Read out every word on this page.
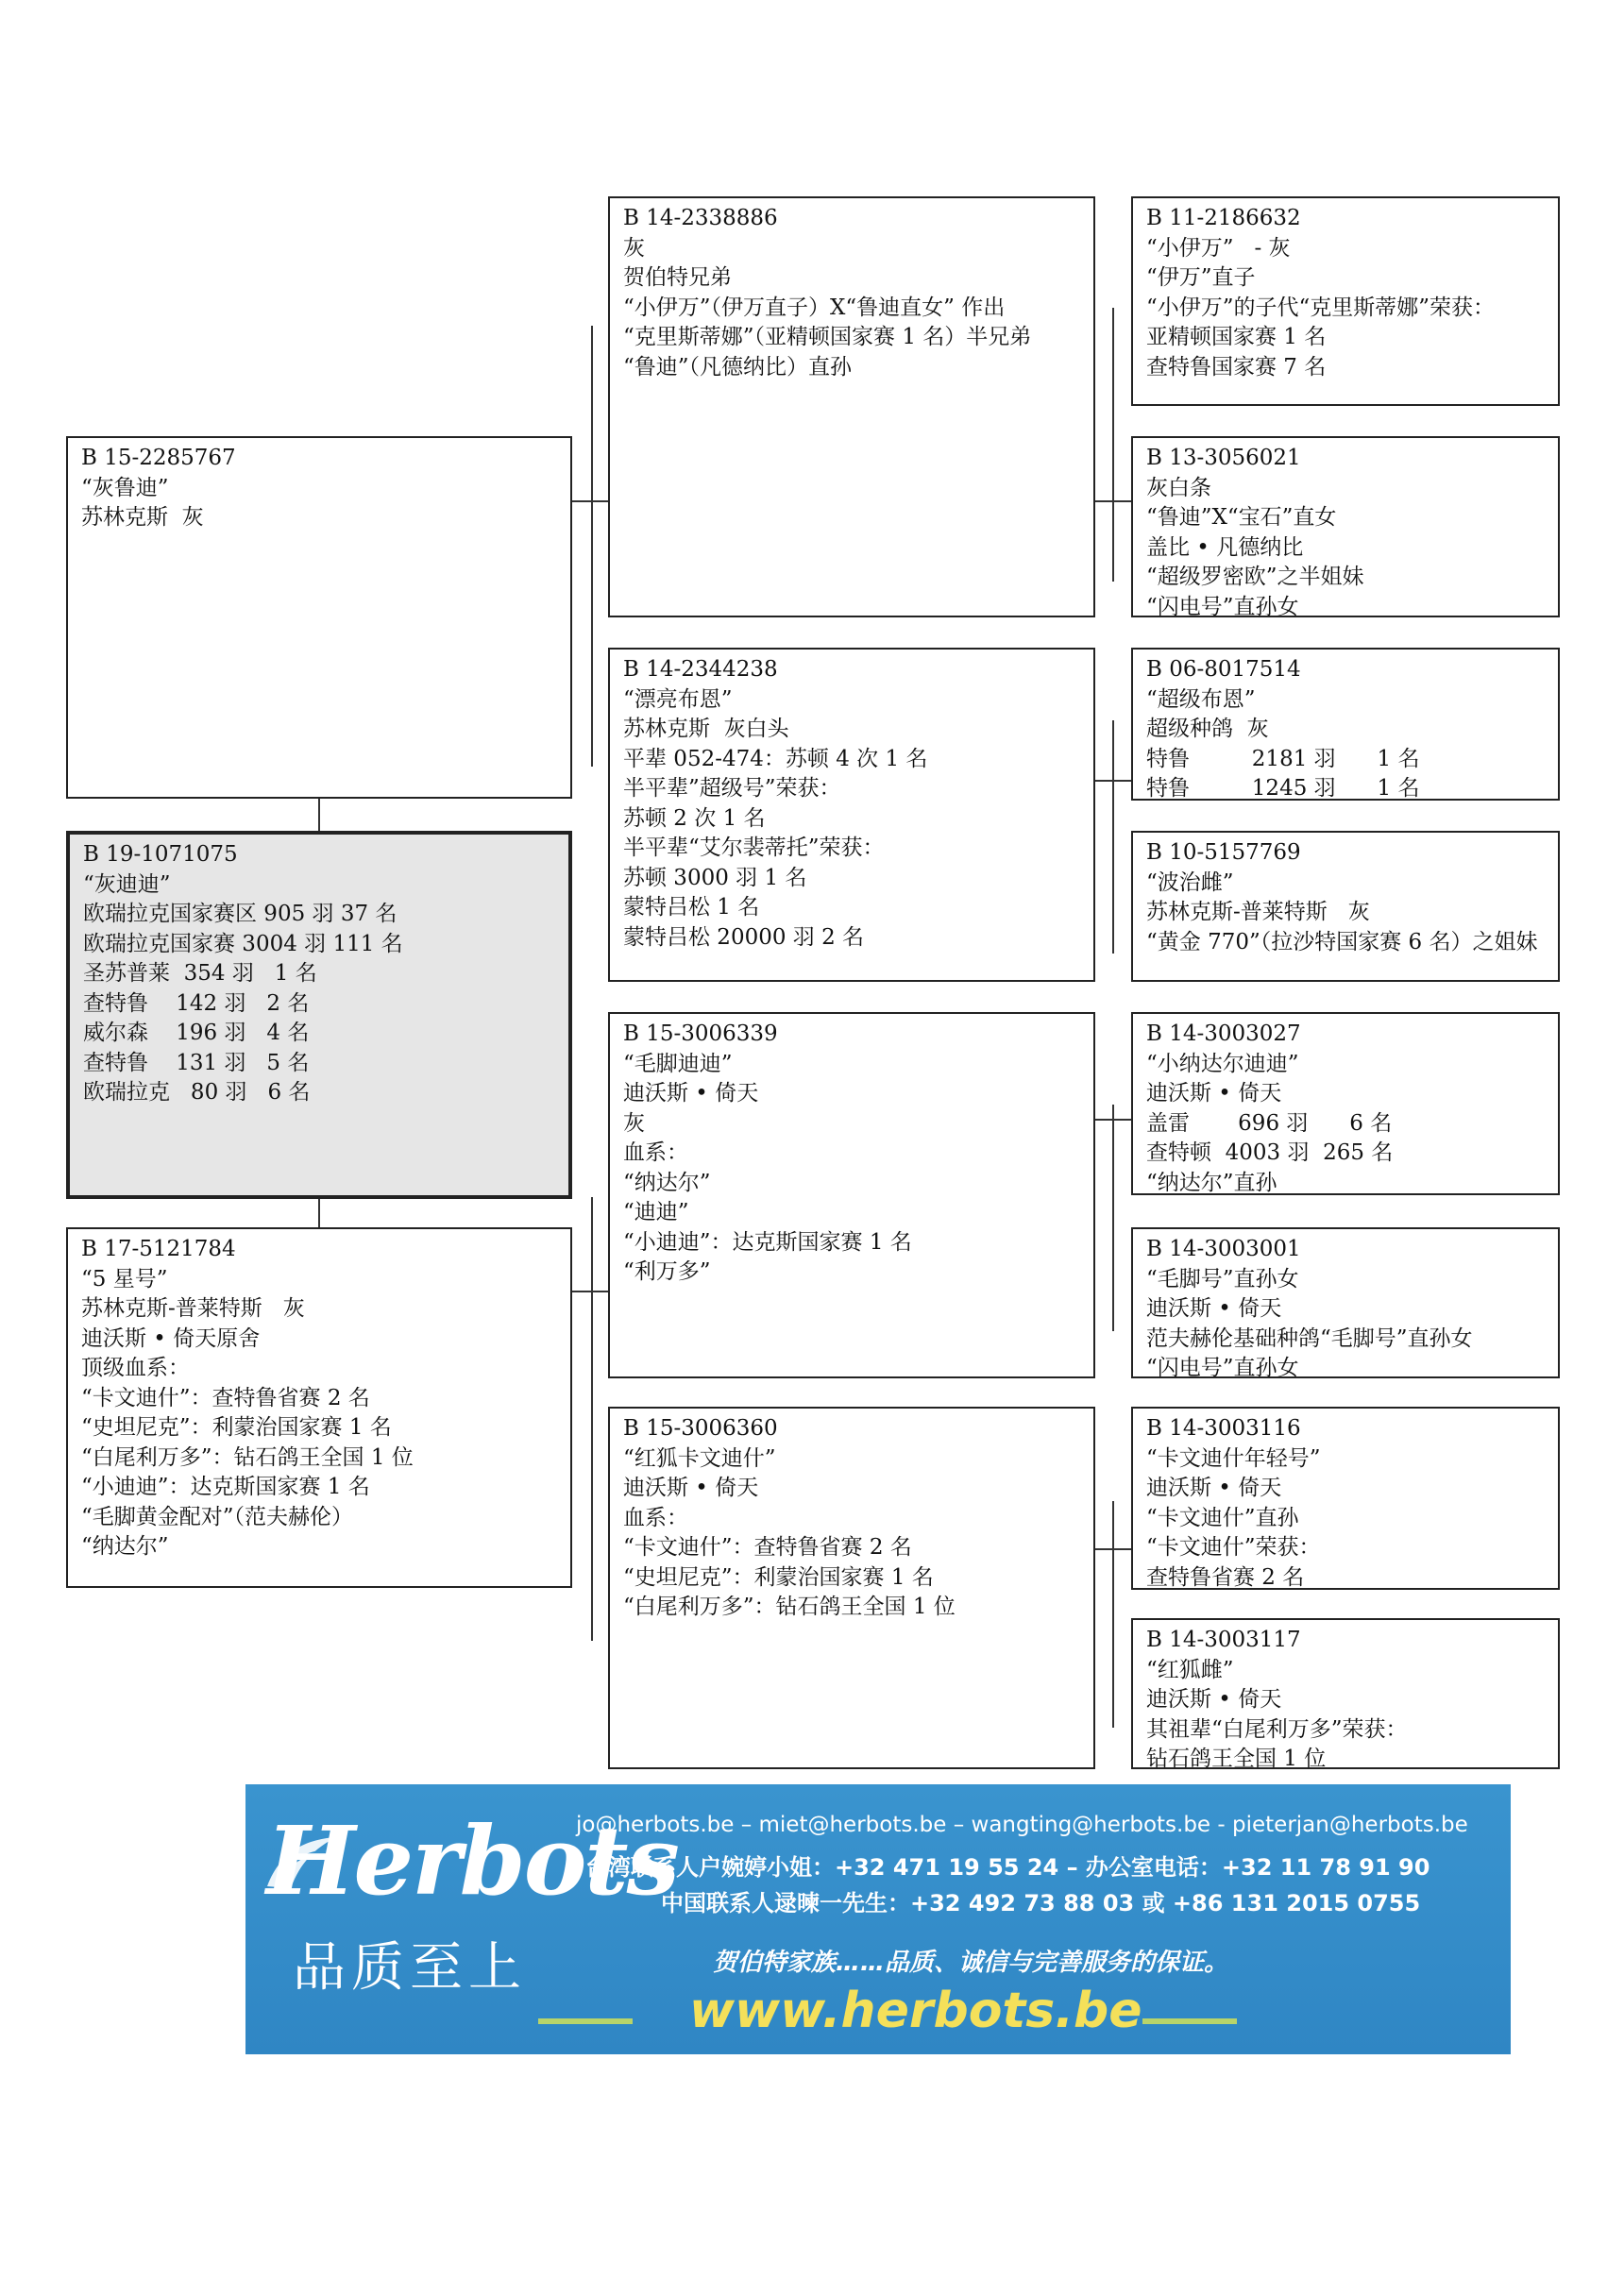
B 15-2285767
“灰鲁迪”
苏林克斯  灰
B 19-1071075
“灰迪迪”
欧瑞拉克国家赛区 905 羽 37 名
欧瑞拉克国家赛 3004 羽 111 名
圣苏普莱  354 羽   1 名
查特鲁    142 羽   2 名
威尔森    196 羽   4 名
查特鲁    131 羽   5 名
欧瑞拉克   80 羽   6 名
B 17-5121784
“5 星号”
苏林克斯-普莱特斯   灰
迪沃斯 • 倚天原舍
顶级血系：
“卡文迪什”：查特鲁省赛 2 名
“史坦尼克”：利蒙治国家赛 1 名
“白尾利万多”：钻石鸽王全国 1 位
“小迪迪”：达克斯国家赛 1 名
“毛脚黄金配对”（范夫赫伦）
“纳达尔”
B 14-2338886
灰
贺伯特兄弟
“小伊万”（伊万直子）X“鲁迪直女” 作出
“克里斯蒂娜”（亚精顿国家赛 1 名）半兄弟
“鲁迪”（凡德纳比）直孙
B 14-2344238
“漂亮布恩”
苏林克斯  灰白头
平辈 052-474：苏顿 4 次 1 名
半平辈”超级号”荣获：
苏顿 2 次 1 名
半平辈“艾尔裴蒂托”荣获：
苏顿 3000 羽 1 名
蒙特吕松 1 名
蒙特吕松 20000 羽 2 名
B 15-3006339
“毛脚迪迪”
迪沃斯 • 倚天
灰
血系：
“纳达尔”
“迪迪”
“小迪迪”：达克斯国家赛 1 名
“利万多”
B 15-3006360
“红狐卡文迪什”
迪沃斯 • 倚天
血系：
“卡文迪什”：查特鲁省赛 2 名
“史坦尼克”：利蒙治国家赛 1 名
“白尾利万多”：钻石鸽王全国 1 位
B 11-2186632
“小伊万”   - 灰
“伊万”直子
“小伊万”的子代“克里斯蒂娜”荣获：
亚精顿国家赛 1 名
查特鲁国家赛 7 名
B 13-3056021
灰白条
“鲁迪”X“宝石”直女
盖比 • 凡德纳比
“超级罗密欧”之半姐妹
“闪电号”直孙女
B 06-8017514
“超级布恩”
超级种鸽  灰
特鲁         2181 羽      1 名
特鲁         1245 羽      1 名
B 10-5157769
“波治雌”
苏林克斯-普莱特斯   灰
“黄金 770”（拉沙特国家赛 6 名）之姐妹
B 14-3003027
“小纳达尔迪迪”
迪沃斯 • 倚天
盖雷       696 羽      6 名
查特顿  4003 羽  265 名
“纳达尔”直孙
B 14-3003001
“毛脚号”直孙女
迪沃斯 • 倚天
范夫赫伦基础种鸽“毛脚号”直孙女
“闪电号”直孙女
B 14-3003116
“卡文迪什年轻号”
迪沃斯 • 倚天
“卡文迪什”直孙
“卡文迪什”荣获：
查特鲁省赛 2 名
B 14-3003117
“红狐雌”
迪沃斯 • 倚天
其祖辈“白尾利万多”荣获：
钻石鸽王全国 1 位
Herbots
品质至上
jo@herbots.be – miet@herbots.be – wangting@herbots.be - pieterjan@herbots.be
台湾联系人户婉婷小姐：+32 471 19 55 24 – 办公室电话：+32 11 78 91 90
中国联系人逯暕一先生：+32 492 73 88 03 或 +86 131 2015 0755
贺伯特家族……品质、诚信与完善服务的保证。
www.herbots.be
